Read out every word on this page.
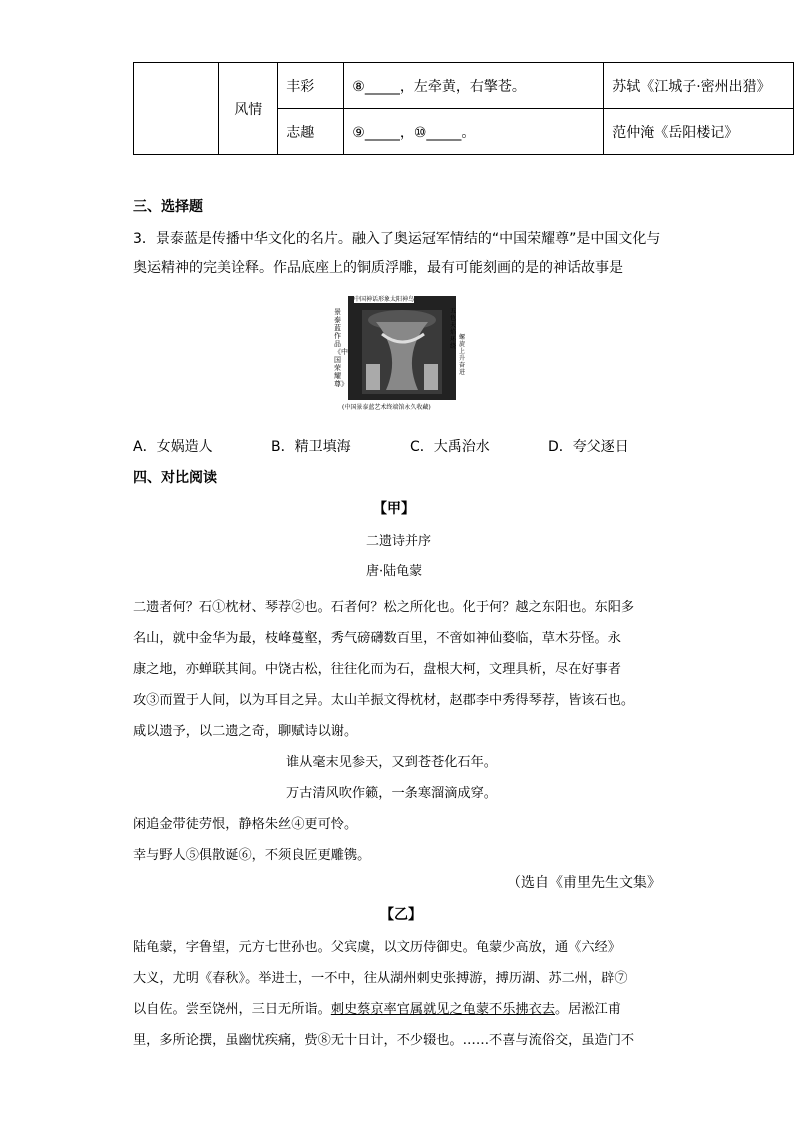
	风情	丰彩	⑧_____，左牵黄，右擎苍。	苏轼《江城子·密州出猎》
		志趣	⑨_____，⑩_____。	范仲淹《岳阳楼记》
三、选择题
3．景泰蓝是传播中华文化的名片。融入了奥运冠军情结的“中国荣耀尊”是中国文化与
奥运精神的完美诠释。作品底座上的铜质浮雕，最有可能刻画的是的神话故事是
中国神话形象太阳神鸟
景泰蓝作品《中国荣耀尊》
五色天焰环绕
螺旋上升奋进
(中国景泰蓝艺术终端馆永久收藏)
A．女娲造人	B．精卫填海	C．大禹治水	D．夸父逐日
四、对比阅读
【甲】
二遗诗并序
唐·陆龟蒙
二遗者何？石①枕材、琴荐②也。石者何？松之所化也。化于何？越之东阳也。东阳多
名山，就中金华为最，枝峰蔓壑，秀气磅礴数百里，不啻如神仙婺临，草木芬怪。永
康之地，亦蝉联其间。中饶古松，往往化而为石，盘根大柯，文理具析，尽在好事者
攻③而置于人间，以为耳目之异。太山羊振文得枕材，赵郡李中秀得琴荐，皆该石也。
咸以遗予，以二遗之奇，聊赋诗以谢。
谁从毫末见参天，又到苍苍化石年。
万古清风吹作籁，一条寒溜滴成穿。
闲追金带徒劳恨，静格朱丝④更可怜。
幸与野人⑤俱散诞⑥，不须良匠更雕镌。
（选自《甫里先生文集》
【乙】
陆龟蒙，字鲁望，元方七世孙也。父宾虞，以文历侍御史。龟蒙少高放，通《六经》
大义，尤明《春秋》。举进士，一不中，往从湖州刺史张搏游，搏历湖、苏二州，辟⑦
以自佐。尝至饶州，三日无所诣。刺史蔡京率官属就见之龟蒙不乐拂衣去。居淞江甫
里，多所论撰，虽幽忧疾痛，赀⑧无十日计，不少辍也。……不喜与流俗交，虽造门不
